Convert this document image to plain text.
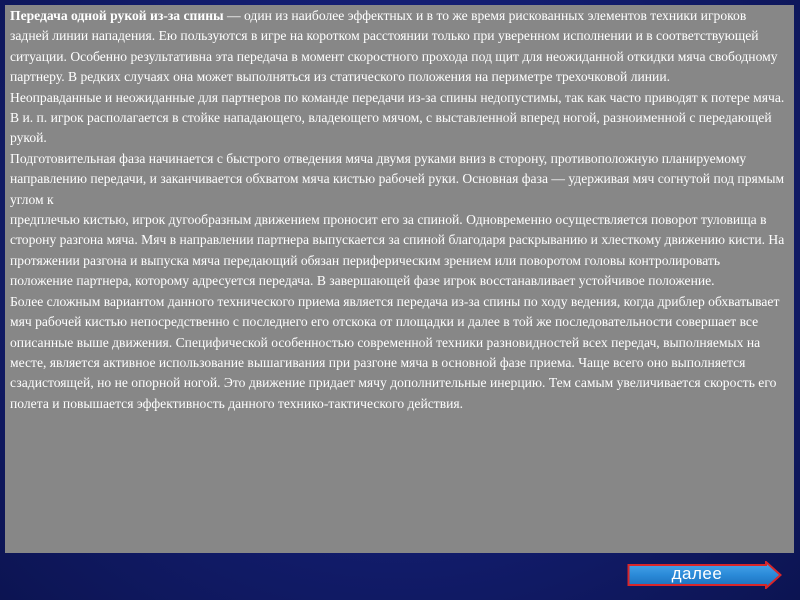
Передача одной рукой из-за спины — один из наиболее эффектных и в то же время рискованных элементов техники игроков задней линии нападения. Ею пользуются в игре на коротком расстоянии только при уверенном исполнении и в соответствующей ситуации. Особенно результативна эта передача в момент скоростного прохода под щит для неожиданной откидки мяча свободному партнеру. В редких случаях она может выполняться из статического положения на периметре трехочковой линии.

Неоправданные и неожиданные для партнеров по команде передачи из-за спины недопустимы, так как часто приводят к потере мяча. В и. п. игрок располагается в стойке нападающего, владеющего мячом, с выставленной вперед ногой, разноименной с передающей рукой.

Подготовительная фаза начинается с быстрого отведения мяча двумя руками вниз в сторону, противоположную планируемому направлению передачи, и заканчивается обхватом мяча кистью рабочей руки. Основная фаза — удерживая мяч согнутой под прямым углом к

предплечью кистью, игрок дугообразным движением проносит его за спиной. Одновременно осуществляется поворот туловища в сторону разгона мяча. Мяч в направлении партнера выпускается за спиной благодаря раскрыванию и хлесткому движению кисти. На протяжении разгона и выпуска мяча передающий обязан периферическим зрением или поворотом головы контролировать положение партнера, которому адресуется передача. В завершающей фазе игрок восстанавливает устойчивое положение.

Более сложным вариантом данного технического приема является передача из-за спины по ходу ведения, когда дриблер обхватывает мяч рабочей кистью непосредственно с последнего его отскока от площадки и далее в той же последовательности совершает все описанные выше движения. Специфической особенностью современной техники разновидностей всех передач, выполняемых на месте, является активное использование вышагивания при разгоне мяча в основной фазе приема. Чаще всего оно выполняется сзадистоящей, но не опорной ногой. Это движение придает мячу дополнительные инерцию. Тем самым увеличивается скорость его полета и повышается эффективность данного технико-тактического действия.

далее
